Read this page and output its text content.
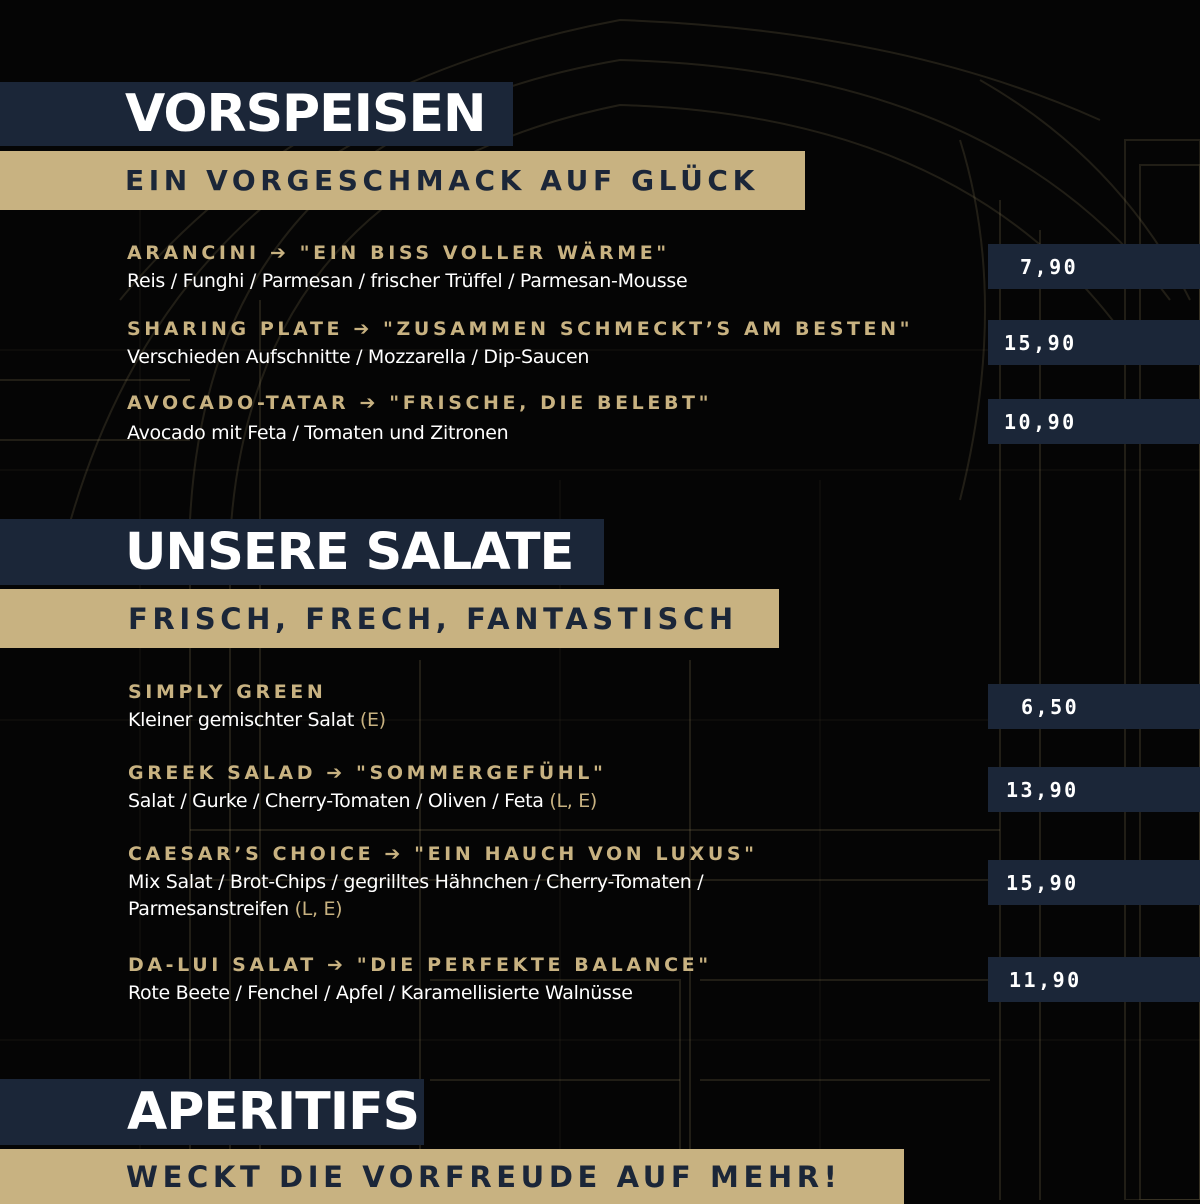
VORSPEISEN
EIN VORGESCHMACK AUF GLÜCK
ARANCINI ➔ "EIN BISS VOLLER WÄRME"
Reis / Funghi / Parmesan / frischer Trüffel / Parmesan-Mousse
7,90
SHARING PLATE ➔ "ZUSAMMEN SCHMECKT’S AM BESTEN"
Verschieden Aufschnitte / Mozzarella / Dip-Saucen
15,90
AVOCADO-TATAR ➔ "FRISCHE, DIE BELEBT"
Avocado mit Feta / Tomaten und Zitronen	10,90
UNSERE SALATE
FRISCH, FRECH, FANTASTISCH
SIMPLY GREEN
Kleiner gemischter Salat (E)
6,50
GREEK SALAD ➔ "SOMMERGEFÜHL"
Salat / Gurke / Cherry-Tomaten / Oliven / Feta (L, E)	13,90
CAESAR’S CHOICE ➔ "EIN HAUCH VON LUXUS"
Mix Salat / Brot-Chips / gegrilltes Hähnchen / Cherry-Tomaten /
Parmesanstreifen (L, E)
15,90
DA-LUI SALAT ➔ "DIE PERFEKTE BALANCE"
Rote Beete / Fenchel / Apfel / Karamellisierte Walnüsse
11,90
APERITIFS
WECKT DIE VORFREUDE AUF MEHR!
